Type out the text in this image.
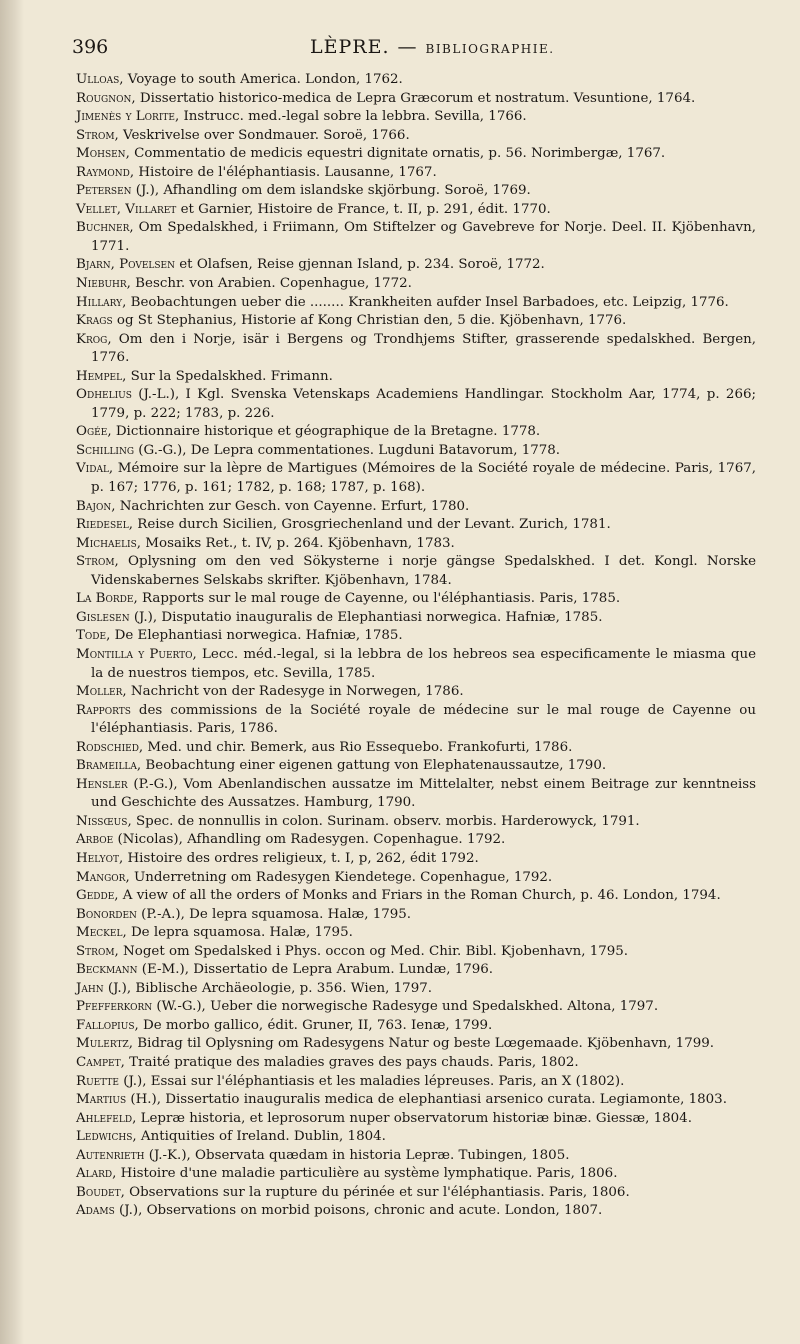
396	LÈPRE. — BIBLIOGRAPHIE.
Ulloas, Voyage to south America. London, 1762.
Rougnon, Dissertatio historico-medica de Lepra Græcorum et nostratum. Vesuntione, 1764.
Jimenès y Lorite, Instrucc. med.-legal sobre la lebbra. Sevilla, 1766.
Strom, Veskrivelse over Sondmauer. Soroë, 1766.
Mohsen, Commentatio de medicis equestri dignitate ornatis, p. 56. Norimbergæ, 1767.
Raymond, Histoire de l'éléphantiasis. Lausanne, 1767.
Petersen (J.), Afhandling om dem islandske skjörbung. Soroë, 1769.
Vellet, Villaret et Garnier, Histoire de France, t. II, p. 291, édit. 1770.
Buchner, Om Spedalskhed, i Friimann, Om Stiftelzer og Gavebreve for Norje. Deel. II. Kjöbenhavn, 1771.
Bjarn, Povelsen et Olafsen, Reise gjennan Island, p. 234. Soroë, 1772.
Niebuhr, Beschr. von Arabien. Copenhague, 1772.
Hillary, Beobachtungen ueber die ........ Krankheiten aufder Insel Barbadoes, etc. Leipzig, 1776.
Krags og St Stephanius, Historie af Kong Christian den, 5 die. Kjöbenhavn, 1776.
Krog, Om den i Norje, isär i Bergens og Trondhjems Stifter, grasserende spedalskhed. Bergen, 1776.
Hempel, Sur la Spedalskhed. Frimann.
Odhelius (J.-L.), I Kgl. Svenska Vetenskaps Academiens Handlingar. Stockholm Aar, 1774, p. 266; 1779, p. 222; 1783, p. 226.
Ogée, Dictionnaire historique et géographique de la Bretagne. 1778.
Schilling (G.-G.), De Lepra commentationes. Lugduni Batavorum, 1778.
Vidal, Mémoire sur la lèpre de Martigues (Mémoires de la Société royale de médecine. Paris, 1767, p. 167; 1776, p. 161; 1782, p. 168; 1787, p. 168).
Bajon, Nachrichten zur Gesch. von Cayenne. Erfurt, 1780.
Riedesel, Reise durch Sicilien, Grosgriechenland und der Levant. Zurich, 1781.
Michaelis, Mosaiks Ret., t. IV, p. 264. Kjöbenhavn, 1783.
Strom, Oplysning om den ved Sökysterne i norje gängse Spedalskhed. I det. Kongl. Norske Videnskabernes Selskabs skrifter. Kjöbenhavn, 1784.
La Borde, Rapports sur le mal rouge de Cayenne, ou l'éléphantiasis. Paris, 1785.
Gislesen (J.), Disputatio inauguralis de Elephantiasi norwegica. Hafniæ, 1785.
Tode, De Elephantiasi norwegica. Hafniæ, 1785.
Montilla y Puerto, Lecc. méd.-legal, si la lebbra de los hebreos sea especificamente le miasma que la de nuestros tiempos, etc. Sevilla, 1785.
Moller, Nachricht von der Radesyge in Norwegen, 1786.
Rapports des commissions de la Société royale de médecine sur le mal rouge de Cayenne ou l'éléphantiasis. Paris, 1786.
Rodschied, Med. und chir. Bemerk, aus Rio Essequebo. Frankofurti, 1786.
Brameilla, Beobachtung einer eigenen gattung von Elephatenaussautze, 1790.
Hensler (P.-G.), Vom Abenlandischen aussatze im Mittelalter, nebst einem Beitrage zur kenntneiss und Geschichte des Aussatzes. Hamburg, 1790.
Nissœus, Spec. de nonnullis in colon. Surinam. observ. morbis. Harderowyck, 1791.
Arboe (Nicolas), Afhandling om Radesygen. Copenhague. 1792.
Helyot, Histoire des ordres religieux, t. I, p, 262, édit 1792.
Mangor, Underretning om Radesygen Kiendetege. Copenhague, 1792.
Gedde, A view of all the orders of Monks and Friars in the Roman Church, p. 46. London, 1794.
Bonorden (P.-A.), De lepra squamosa. Halæ, 1795.
Meckel, De lepra squamosa. Halæ, 1795.
Strom, Noget om Spedalsked i Phys. occon og Med. Chir. Bibl. Kjobenhavn, 1795.
Beckmann (E-M.), Dissertatio de Lepra Arabum. Lundæ, 1796.
Jahn (J.), Biblische Archäeologie, p. 356. Wien, 1797.
Pfefferkorn (W.-G.), Ueber die norwegische Radesyge und Spedalskhed. Altona, 1797.
Fallopius, De morbo gallico, édit. Gruner, II, 763. Ienæ, 1799.
Mulertz, Bidrag til Oplysning om Radesygens Natur og beste Lœgemaade. Kjöbenhavn, 1799.
Campet, Traité pratique des maladies graves des pays chauds. Paris, 1802.
Ruette (J.), Essai sur l'éléphantiasis et les maladies lépreuses. Paris, an X (1802).
Martius (H.), Dissertatio inauguralis medica de elephantiasi arsenico curata. Legiamonte, 1803.
Ahlefeld, Lepræ historia, et leprosorum nuper observatorum historiæ binæ. Giessæ, 1804.
Ledwichs, Antiquities of Ireland. Dublin, 1804.
Autenrieth (J.-K.), Observata quædam in historia Lepræ. Tubingen, 1805.
Alard, Histoire d'une maladie particulière au système lymphatique. Paris, 1806.
Boudet, Observations sur la rupture du périnée et sur l'éléphantiasis. Paris, 1806.
Adams (J.), Observations on morbid poisons, chronic and acute. London, 1807.
